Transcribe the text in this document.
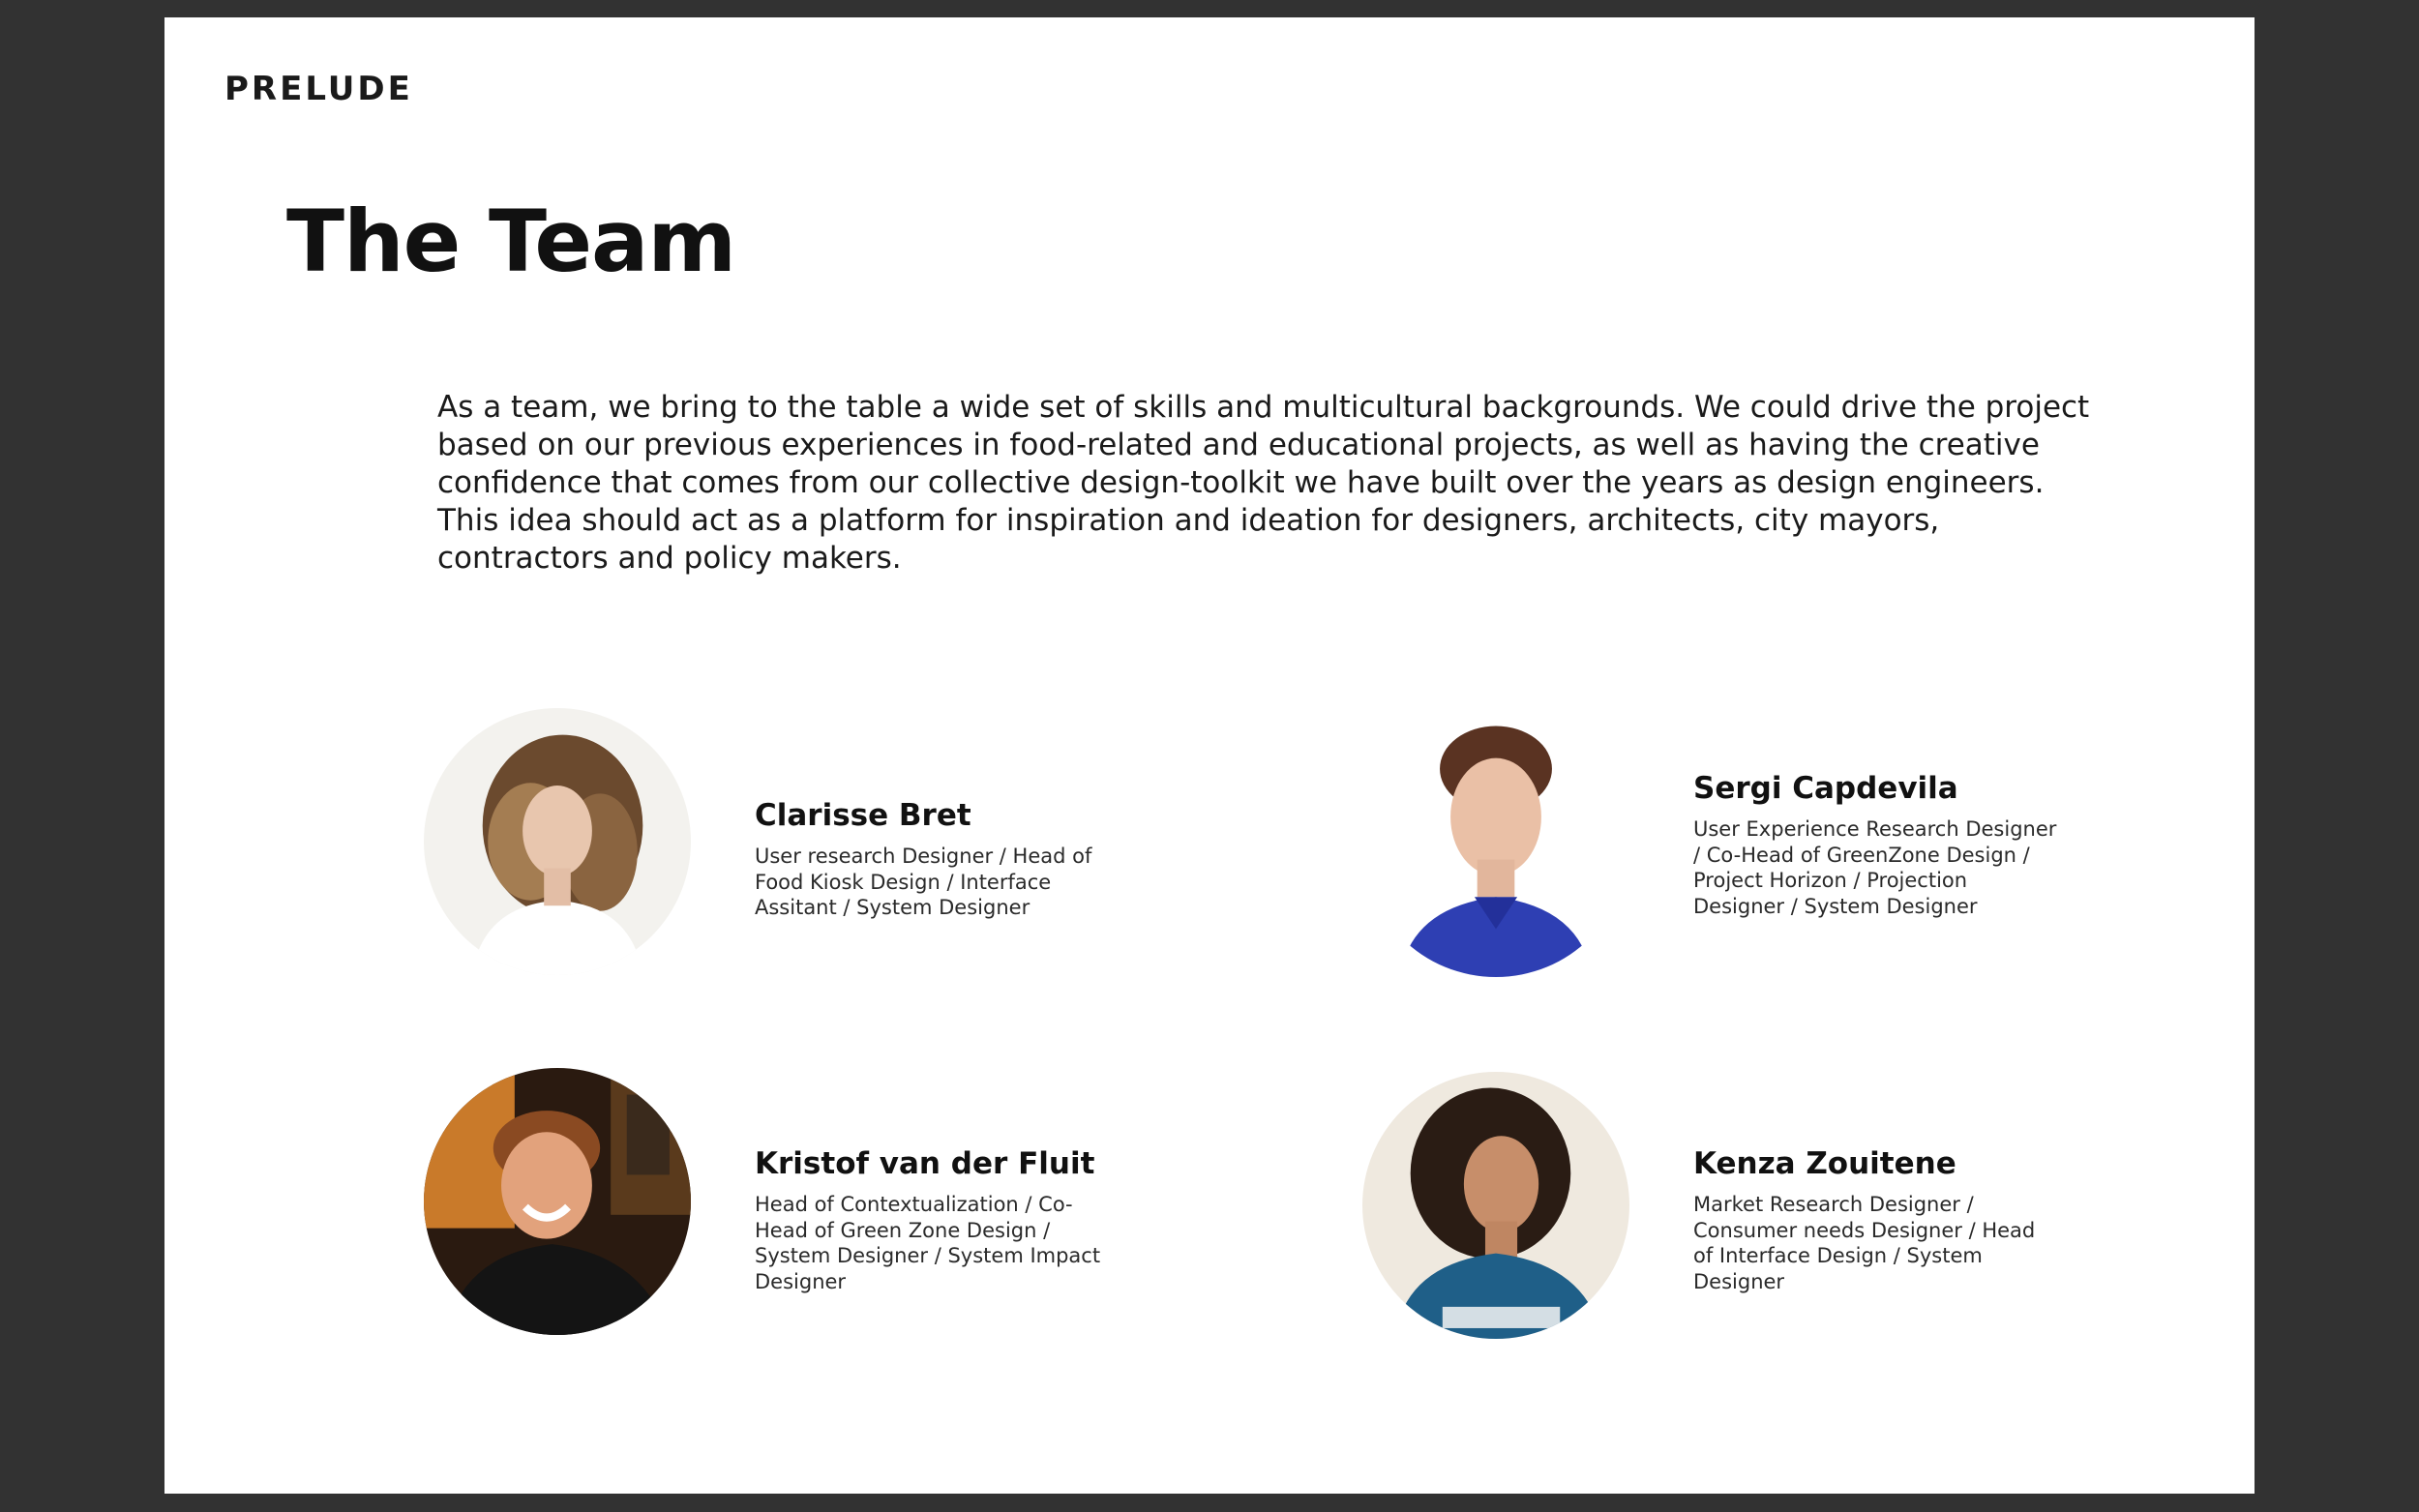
PRELUDE
The Team

As a team, we bring to the table a wide set of skills and multicultural backgrounds. We could drive the project based on our previous experiences in food-related and educational projects, as well as having the creative confidence that comes from our collective design-toolkit we have built over the years as design engineers. This idea should act as a platform for inspiration and ideation for designers, architects, city mayors, contractors and policy makers.

Clarisse Bret

User research Designer / Head of Food Kiosk Design / Interface Assitant / System Designer

Sergi Capdevila

User Experience Research Designer / Co-Head of GreenZone Design / Project Horizon / Projection Designer / System Designer

Kristof van der Fluit

Head of Contextualization / Co-Head of Green Zone Design / System Designer / System Impact Designer

Kenza Zouitene

Market Research Designer / Consumer needs Designer / Head of Interface Design / System Designer
